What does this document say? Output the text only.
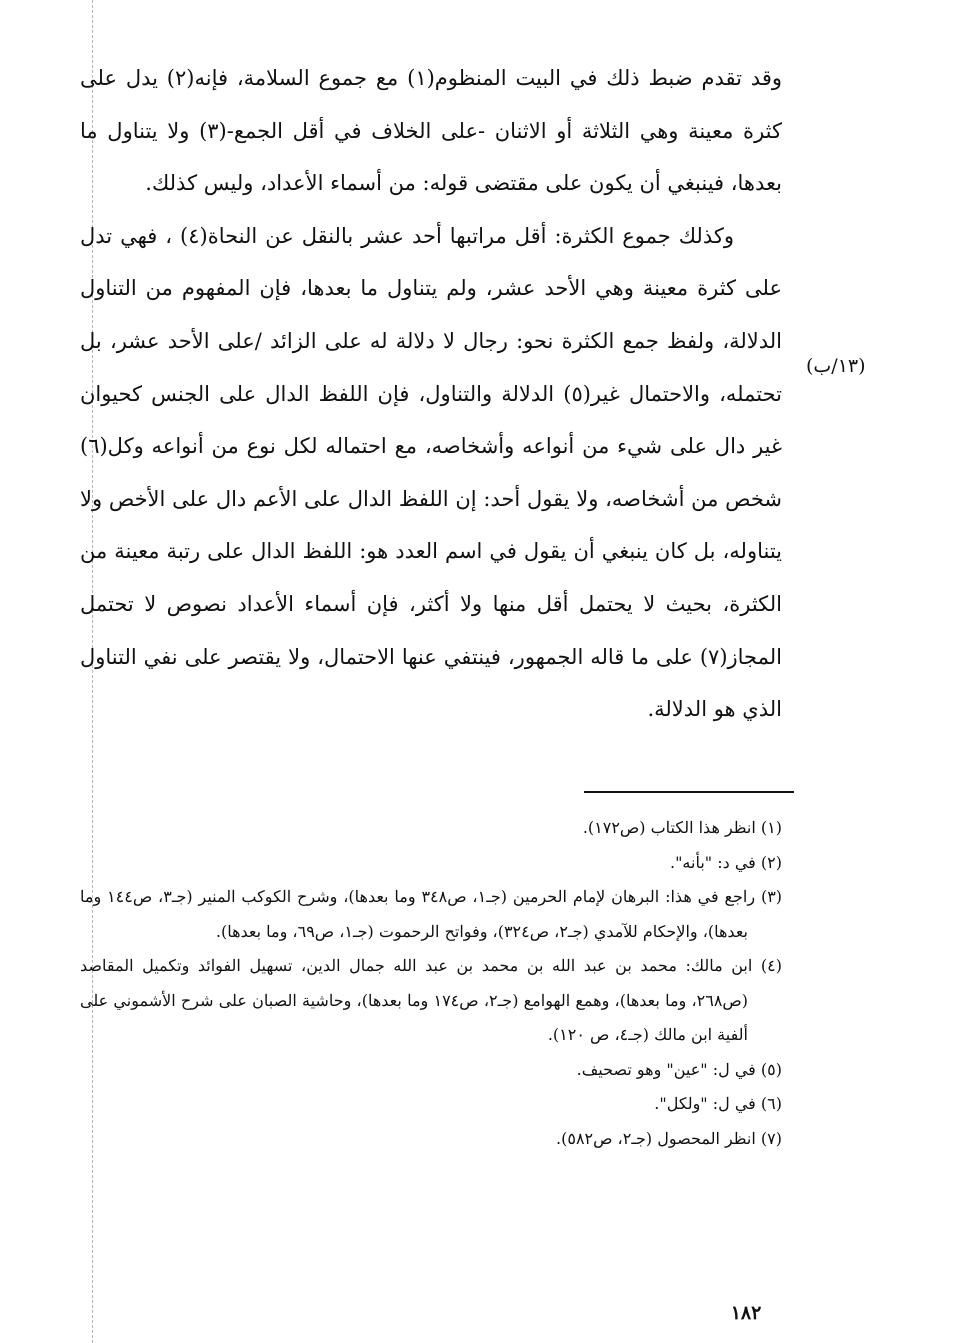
وقد تقدم ضبط ذلك في البيت المنظوم(١) مع جموع السلامة، فإنه(٢) يدل على كثرة معينة وهي الثلاثة أو الاثنان -على الخلاف في أقل الجمع-(٣) ولا يتناول ما بعدها، فينبغي أن يكون على مقتضى قوله: من أسماء الأعداد، وليس كذلك.

وكذلك جموع الكثرة: أقل مراتبها أحد عشر بالنقل عن النحاة(٤) ، فهي تدل على كثرة معينة وهي الأحد عشر، ولم يتناول ما بعدها، فإن المفهوم من التناول الدلالة، ولفظ جمع الكثرة نحو: رجال لا دلالة له على الزائد /على الأحد عشر، بل تحتمله، والاحتمال غير(٥) الدلالة والتناول، فإن اللفظ الدال على الجنس كحيوان غير دال على شيء من أنواعه وأشخاصه، مع احتماله لكل نوع من أنواعه وكل(٦) شخص من أشخاصه، ولا يقول أحد: إن اللفظ الدال على الأعم دال على الأخص ولا يتناوله، بل كان ينبغي أن يقول في اسم العدد هو: اللفظ الدال على رتبة معينة من الكثرة، بحيث لا يحتمل أقل منها ولا أكثر، فإن أسماء الأعداد نصوص لا تحتمل المجاز(٧) على ما قاله الجمهور، فينتفي عنها الاحتمال، ولا يقتصر على نفي التناول الذي هو الدلالة.

(١٣/ب)
(١) انظر هذا الكتاب (ص١٧٢).
(٢) في د: "بأنه".
(٣) راجع في هذا: البرهان لإمام الحرمين (جـ١، ص٣٤٨ وما بعدها)، وشرح الكوكب المنير (جـ٣، ص١٤٤ وما بعدها)، والإحكام للآمدي (جـ٢، ص٣٢٤)، وفواتح الرحموت (جـ١، ص٦٩، وما بعدها).
(٤) ابن مالك: محمد بن عبد الله بن محمد بن عبد الله جمال الدين، تسهيل الفوائد وتكميل المقاصد (ص٢٦٨، وما بعدها)، وهمع الهوامع (جـ٢، ص١٧٤ وما بعدها)، وحاشية الصبان على شرح الأشموني على ألفية ابن مالك (جـ٤، ص ١٢٠).
(٥) في ل: "عين" وهو تصحيف.
(٦) في ل: "ولكل".
(٧) انظر المحصول (جـ٢، ص٥٨٢).
١٨٢
